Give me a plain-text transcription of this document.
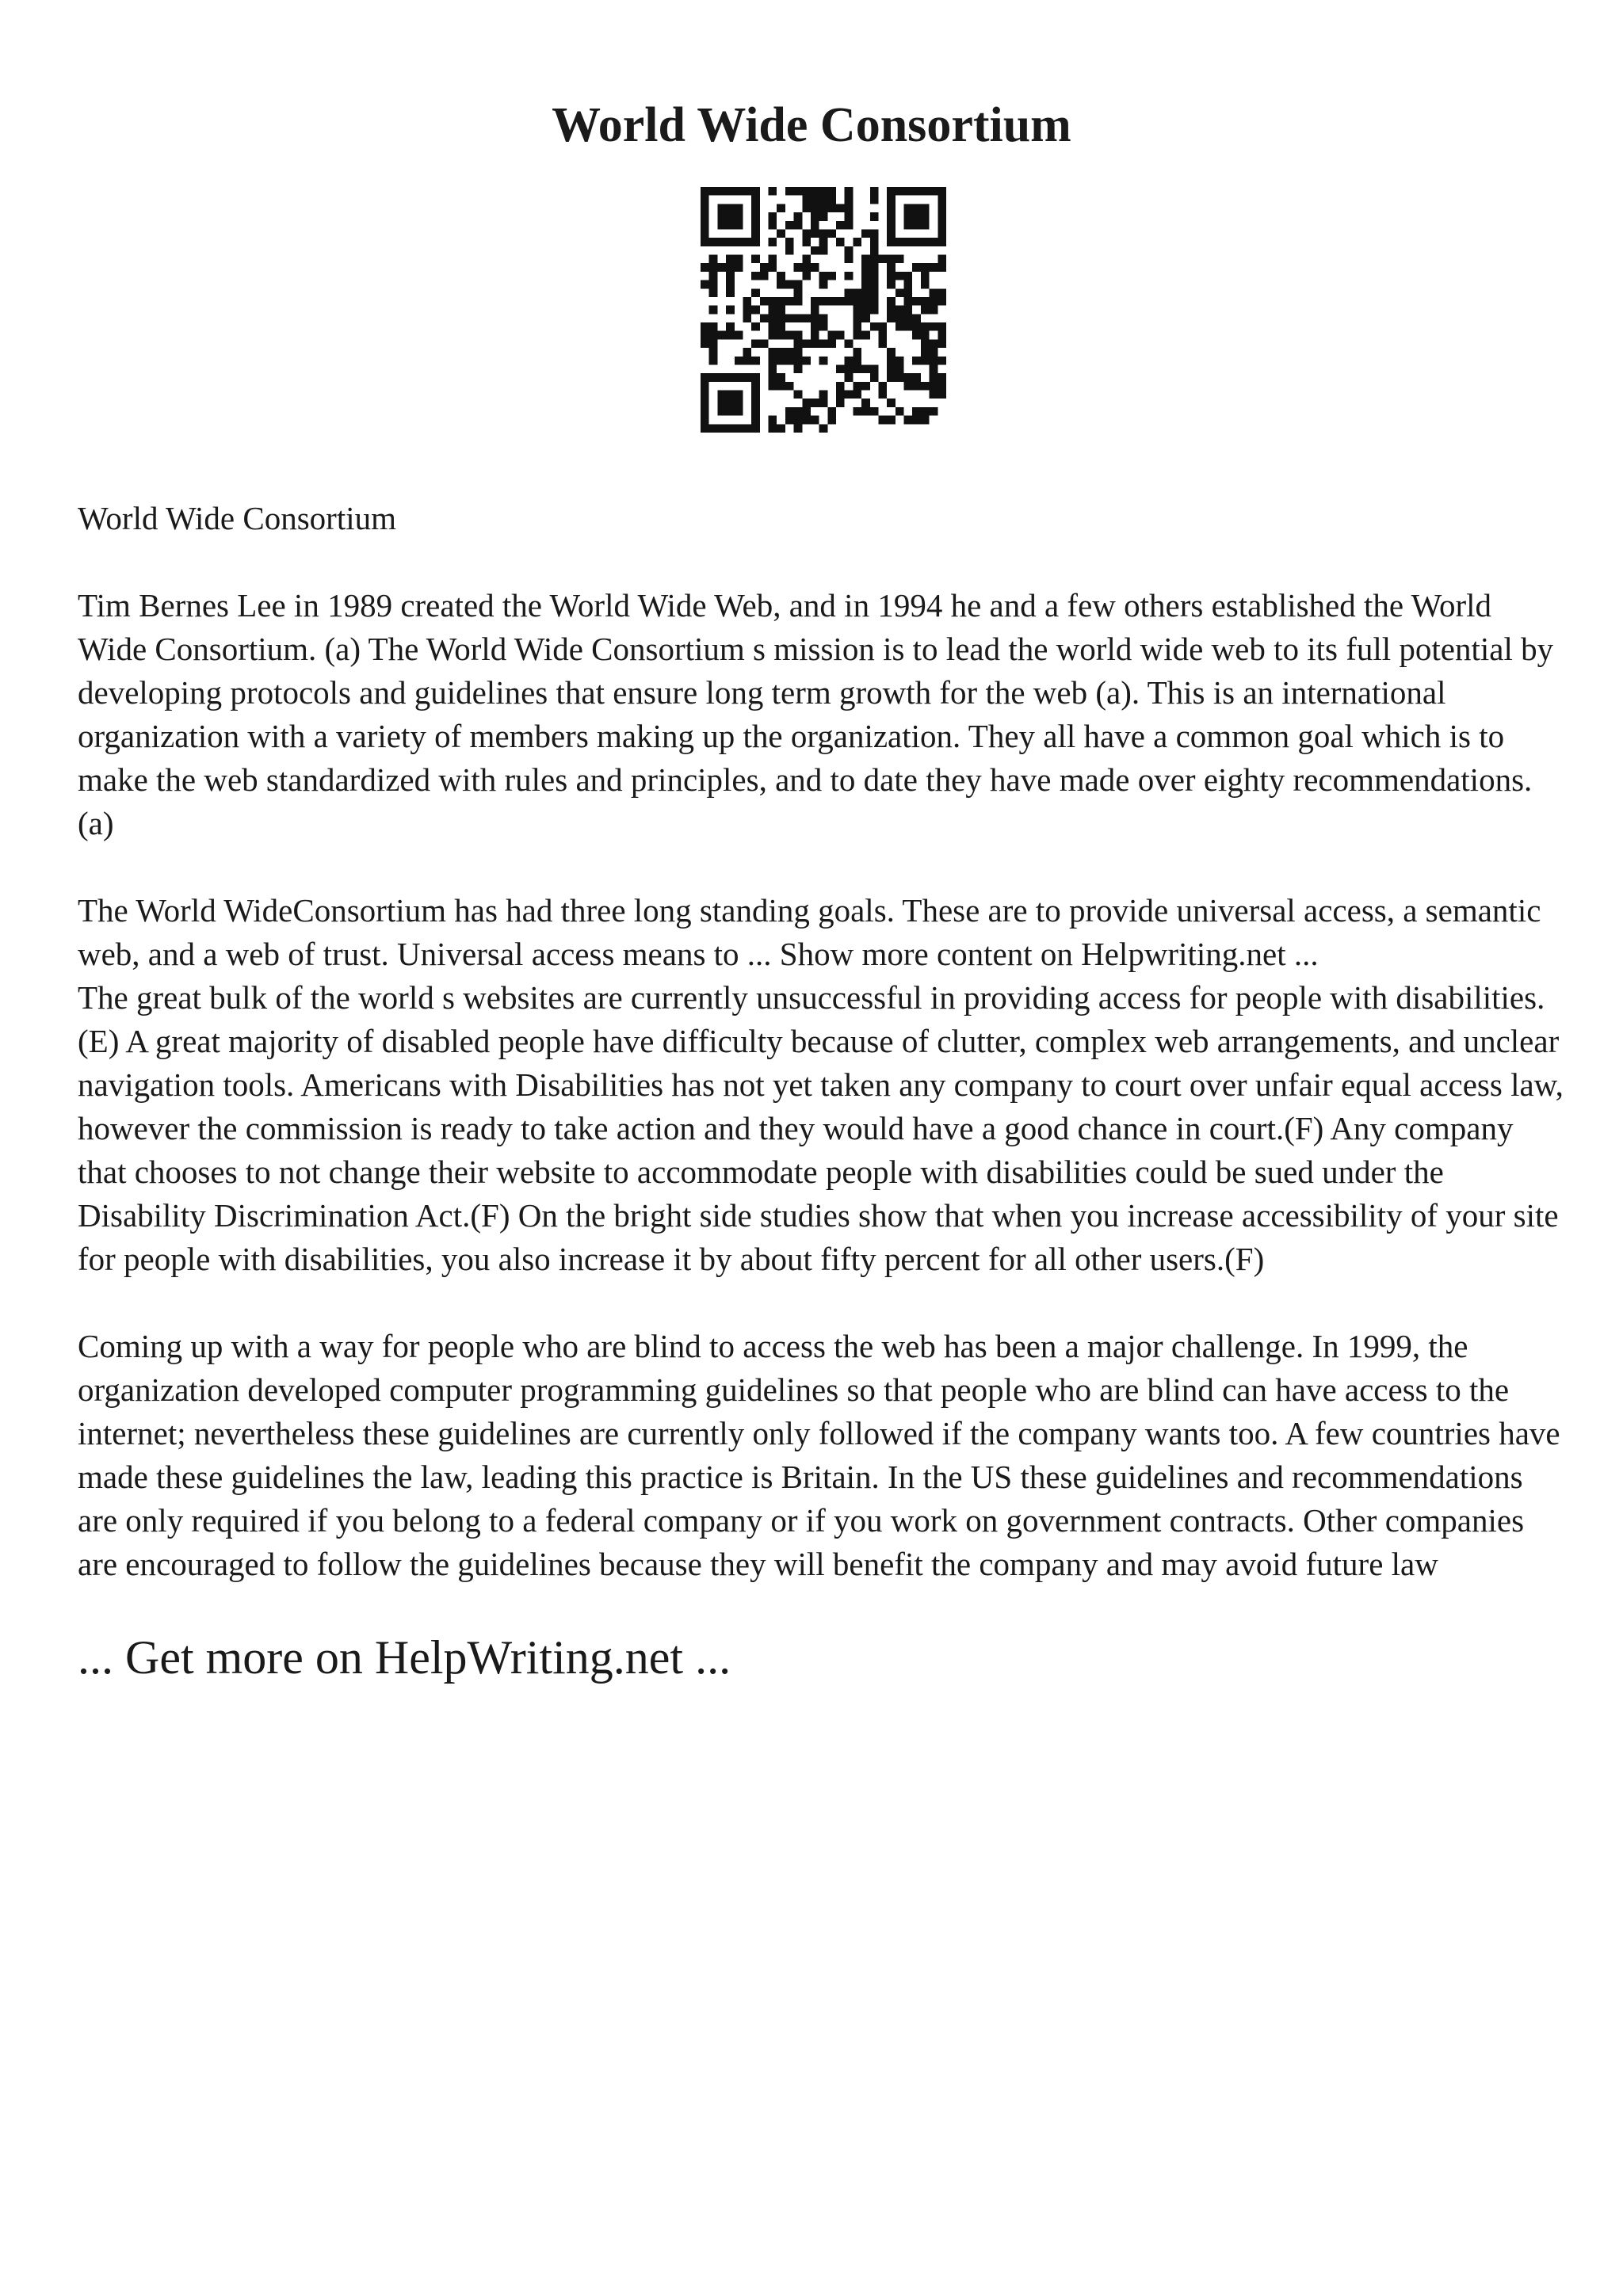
World Wide Consortium

World Wide Consortium

Tim Bernes Lee in 1989 created the World Wide Web, and in 1994 he and a few others established the World Wide Consortium. (a) The World Wide Consortium s mission is to lead the world wide web to its full potential by developing protocols and guidelines that ensure long term growth for the web (a). This is an international organization with a variety of members making up the organization. They all have a common goal which is to make the web standardized with rules and principles, and to date they have made over eighty recommendations.(a)

The World WideConsortium has had three long standing goals. These are to provide universal access, a semantic web, and a web of trust. Universal access means to ... Show more content on Helpwriting.net ...

The great bulk of the world s websites are currently unsuccessful in providing access for people with disabilities. (E) A great majority of disabled people have difficulty because of clutter, complex web arrangements, and unclear navigation tools. Americans with Disabilities has not yet taken any company to court over unfair equal access law, however the commission is ready to take action and they would have a good chance in court.(F) Any company that chooses to not change their website to accommodate people with disabilities could be sued under the Disability Discrimination Act.(F) On the bright side studies show that when you increase accessibility of your site for people with disabilities, you also increase it by about fifty percent for all other users.(F)

Coming up with a way for people who are blind to access the web has been a major challenge. In 1999, the organization developed computer programming guidelines so that people who are blind can have access to the internet; nevertheless these guidelines are currently only followed if the company wants too. A few countries have made these guidelines the law, leading this practice is Britain. In the US these guidelines and recommendations are only required if you belong to a federal company or if you work on government contracts. Other companies are encouraged to follow the guidelines because they will benefit the company and may avoid future law

... Get more on HelpWriting.net ...
